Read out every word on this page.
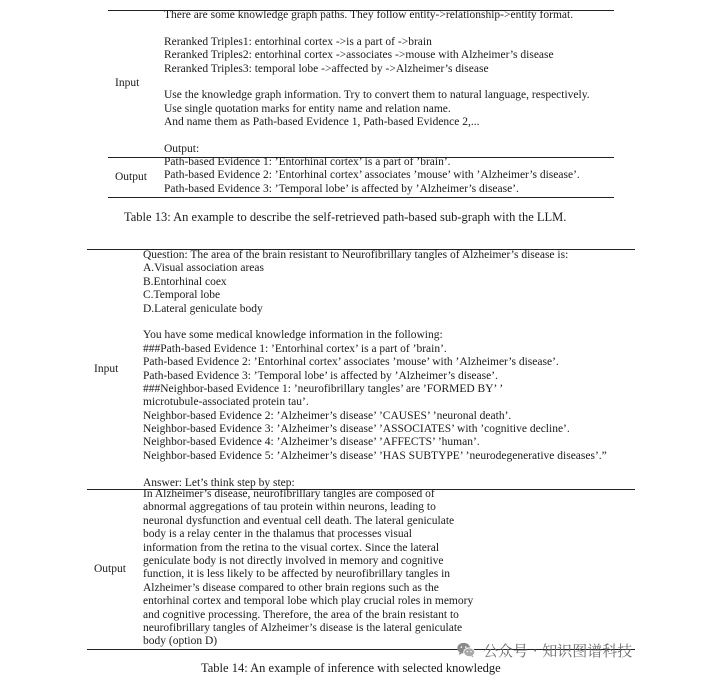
Input
There are some knowledge graph paths. They follow entity->relationship->entity format.
Reranked Triples1: entorhinal cortex ->is a part of ->brain
Reranked Triples2: entorhinal cortex ->associates ->mouse with Alzheimer’s disease
Reranked Triples3: temporal lobe ->affected by ->Alzheimer’s disease
Use the knowledge graph information. Try to convert them to natural language, respectively.
Use single quotation marks for entity name and relation name.
And name them as Path-based Evidence 1, Path-based Evidence 2,...
Output:
Output
Path-based Evidence 1: ’Entorhinal cortex’ is a part of ’brain’.
Path-based Evidence 2: ’Entorhinal cortex’ associates ’mouse’ with ’Alzheimer’s disease’.
Path-based Evidence 3: ’Temporal lobe’ is affected by ’Alzheimer’s disease’.
Table 13: An example to describe the self-retrieved path-based sub-graph with the LLM.
Input
Question: The area of the brain resistant to Neurofibrillary tangles of Alzheimer’s disease is:
A.Visual association areas
B.Entorhinal coex
C.Temporal lobe
D.Lateral geniculate body
You have some medical knowledge information in the following:
###Path-based Evidence 1: ’Entorhinal cortex’ is a part of ’brain’.
Path-based Evidence 2: ’Entorhinal cortex’ associates ’mouse’ with ’Alzheimer’s disease’.
Path-based Evidence 3: ’Temporal lobe’ is affected by ’Alzheimer’s disease’.
###Neighbor-based Evidence 1: ’neurofibrillary tangles’ are ’FORMED BY’ ’
microtubule-associated protein tau’.
Neighbor-based Evidence 2: ’Alzheimer’s disease’ ’CAUSES’ ’neuronal death’.
Neighbor-based Evidence 3: ’Alzheimer’s disease’ ’ASSOCIATES’ with ’cognitive decline’.
Neighbor-based Evidence 4: ’Alzheimer’s disease’ ’AFFECTS’ ’human’.
Neighbor-based Evidence 5: ’Alzheimer’s disease’ ’HAS SUBTYPE’ ’neurodegenerative diseases’.”
Answer: Let’s think step by step:
Output
In Alzheimer’s disease, neurofibrillary tangles are composed of
abnormal aggregations of tau protein within neurons, leading to
neuronal dysfunction and eventual cell death. The lateral geniculate
body is a relay center in the thalamus that processes visual
information from the retina to the visual cortex. Since the lateral
geniculate body is not directly involved in memory and cognitive
function, it is less likely to be affected by neurofibrillary tangles in
Alzheimer’s disease compared to other brain regions such as the
entorhinal cortex and temporal lobe which play crucial roles in memory
and cognitive processing. Therefore, the area of the brain resistant to
neurofibrillary tangles of Alzheimer’s disease is the lateral geniculate
body (option D)
Table 14: An example of inference with selected knowledge
公众号 · 知识图谱科技
